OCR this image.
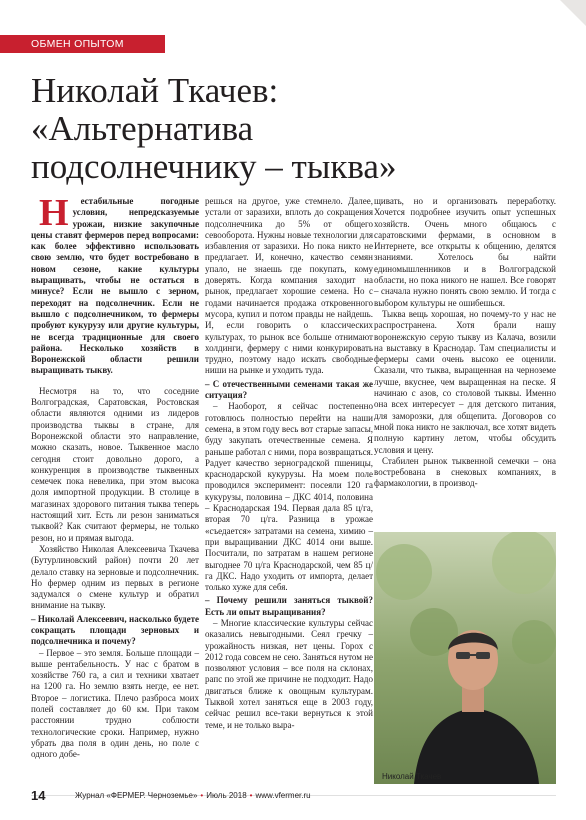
ОБМЕН ОПЫТОМ
Николай Ткачев:
«Альтернатива
подсолнечнику – тыква»

Н естабильные погодные условия, непредсказуемые урожаи, низкие закупочные цены ставят фермеров перед вопросами: как более эффективно использовать свою землю, что будет востребовано в новом сезоне, какие культуры выращивать, чтобы не остаться в минусе? Если не вышло с зерном, переходят на подсолнечник. Если не вышло с подсолнечником, то фермеры пробуют кукурузу или другие культуры, не всегда традиционные для своего района. Несколько хозяйств в Воронежской области решили выращивать тыкву.

Несмотря на то, что соседние Волгоградская, Саратовская, Ростовская области являются одними из лидеров производства тыквы в стране, для Воронежской области это направление, можно сказать, новое. Тыквенное масло сегодня стоит довольно дорого, а конкуренция в производстве тыквенных семечек пока невелика, при этом высока доля импортной продукции. В столице в магазинах здорового питания тыква теперь настоящий хит. Есть ли резон заниматься тыквой? Как считают фермеры, не только резон, но и прямая выгода.

Хозяйство Николая Алексеевича Ткачева (Бутурлиновский район) почти 20 лет делало ставку на зерновые и подсолнечник. Но фермер одним из первых в регионе задумался о смене культур и обратил внимание на тыкву.

– Николай Алексеевич, насколько будете сокращать площади зерновых и подсолнечника и почему?

– Первое – это земля. Больше площади – выше рентабельность. У нас с братом в хозяйстве 760 га, а сил и техники хватает на 1200 га. Но землю взять негде, ее нет. Второе – логистика. Плечо разброса моих полей составляет до 60 км. При таком расстоянии трудно соблюсти технологические сроки. Например, нужно убрать два поля в один день, но поле с одного добе-

решься на другое, уже стемнело. Далее, устали от заразихи, вплоть до сокращения подсолнечника до 5% от общего севооборота. Нужны новые технологии для избавления от заразихи. Но пока никто не предлагает. И, конечно, качество семян упало, не знаешь где покупать, кому доверять. Когда компания заходит на рынок, предлагает хорошие семена. Но с годами начинается продажа откровенного мусора, купил и потом правды не найдешь. И, если говорить о классических культурах, то рынок все больше отнимают холдинги, фермеру с ними конкурировать трудно, поэтому надо искать свободные ниши на рынке и уходить туда.

– С отечественными семенами такая же ситуация?

– Наоборот, я сейчас постепенно готовлюсь полностью перейти на наши семена, в этом году весь вот старые запасы, буду закупать отечественные семена. Я раньше работал с ними, пора возвращаться. Радует качество зерноградской пшеницы, краснодарской кукурузы. На моем поле проводился эксперимент: посеяли 120 га кукурузы, половина – ДКС 4014, половина – Краснодарская 194. Первая дала 85 ц/га, вторая 70 ц/га. Разница в урожае «съедается» затратами на семена, химию – при выращивании ДКС 4014 они выше. Посчитали, по затратам в нашем регионе выгоднее 70 ц/га Краснодарской, чем 85 ц/га ДКС. Надо уходить от импорта, делает только хуже для себя.

– Почему решили заняться тыквой? Есть ли опыт выращивания?

– Многие классические культуры сейчас оказались невыгодными. Сеял гречку – урожайность низкая, нет цены. Горох с 2012 года совсем не сею. Заняться нутом не позволяют условия – все поля на склонах, рапс по этой же причине не подходит. Надо двигаться ближе к овощным культурам. Тыквой хотел заняться еще в 2003 году, сейчас решил все-таки вернуться к этой теме, и не только выра-

щивать, но и организовать переработку. Хочется подробнее изучить опыт успешных хозяйств. Очень много общаюсь с саратовскими фермами, в основном в Интернете, все открыты к общению, делятся знаниями. Хотелось бы найти единомышленников и в Волгоградской области, но пока никого не нашел. Все говорят – сначала нужно понять свою землю. И тогда с выбором культуры не ошибешься.

Тыква вещь хорошая, но почему-то у нас не распространена. Хотя брали нашу воронежскую серую тыкву из Калача, возили на выставку в Краснодар. Там специалисты и фермеры сами очень высоко ее оценили. Сказали, что тыква, выращенная на черноземе лучше, вкуснее, чем выращенная на песке. Я начинаю с азов, со столовой тыквы. Именно она всех интересует – для детского питания, для заморозки, для общепита. Договоров со мной пока никто не заключал, все хотят видеть полную картину летом, чтобы обсудить условия и цену.

Стабилен рынок тыквенной семечки – она востребована в снековых компаниях, в фармакологии, в производ-

Николай Ткачев
14	Журнал «ФЕРМЕР. Черноземье» • Июль 2018 • www.vfermer.ru
